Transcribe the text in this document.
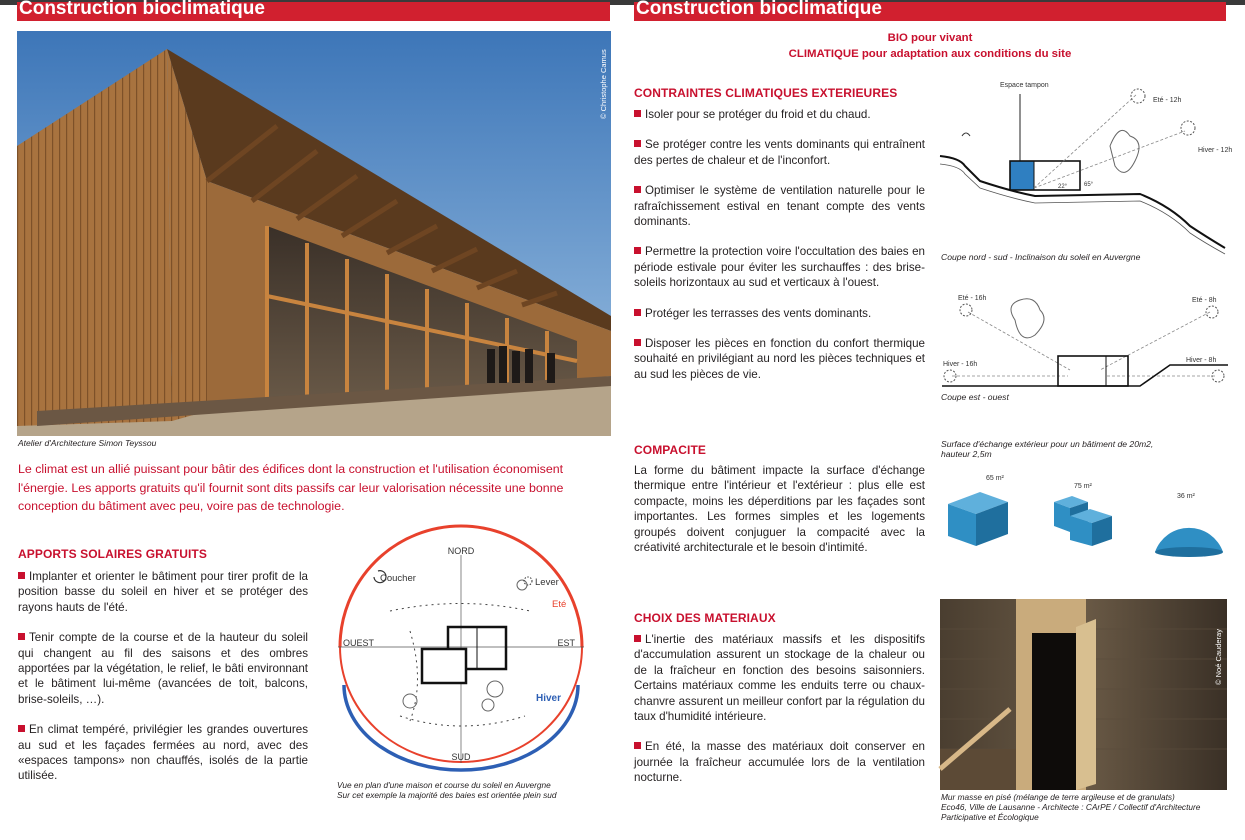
Construction bioclimatique
© Christophe Camus
Atelier d'Architecture Simon Teyssou
Le climat est un allié puissant pour bâtir des édifices dont la construction et l'utilisation économisent l'énergie. Les apports gratuits qu'il fournit sont dits passifs car leur valorisation nécessite une bonne conception du bâtiment avec peu, voire pas de technologie.
APPORTS SOLAIRES GRATUITS

Implanter et orienter le bâtiment pour tirer profit de la position basse du soleil en hiver et se protéger des rayons hauts de l'été.

Tenir compte de la course et de la hauteur du soleil qui changent au fil des saisons et des ombres apportées par la végétation, le relief, le bâti environnant et le bâtiment lui-même (avancées de toit, balcons, brise-soleils, …).

En climat tempéré, privilégier les grandes ouvertures au sud et les façades fermées au nord, avec des «espaces tampons» non chauffés, isolés de la partie utilisée.

NORD
SUD
EST
OUEST
Coucher	Lever
Eté
Hiver
Vue en plan d'une maison et course du soleil en Auvergne
Sur cet exemple la majorité des baies est orientée plein sud
Construction bioclimatique
BIO pour vivant
CLIMATIQUE pour adaptation aux conditions du site
CONTRAINTES CLIMATIQUES EXTERIEURES

Isoler pour se protéger du froid et du chaud.

Se protéger contre les vents dominants qui entraînent des pertes de chaleur et de l'inconfort.

Optimiser le système de ventilation naturelle pour le rafraîchissement estival en tenant compte des vents dominants.

Permettre la protection voire l'occultation des baies en période estivale pour éviter les surchauffes : des brise-soleils horizontaux au sud et verticaux à l'ouest.

Protéger les terrasses des vents dominants.

Disposer les pièces en fonction du confort thermique souhaité en privilégiant au nord les pièces techniques et au sud les pièces de vie.

Espace tampon
Eté - 12h
Hiver - 12h
22°	65°
Coupe nord - sud - Inclinaison du soleil en Auvergne
Eté - 16h	Eté - 8h
Hiver - 16h
Hiver - 8h
Coupe est - ouest
COMPACITE
La forme du bâtiment impacte la surface d'échange thermique entre l'intérieur et l'extérieur : plus elle est compacte, moins les déperditions par les façades sont importantes. Les formes simples et les logements groupés doivent conjuguer la compacité avec la créativité architecturale et le besoin d'intimité.
Surface d'échange extérieur pour un bâtiment de 20m2,
hauteur 2,5m
65 m²
75 m²
36 m²
CHOIX DES MATERIAUX

L'inertie des matériaux massifs et les dispositifs d'accumulation assurent un stockage de la chaleur ou de la fraîcheur en fonction des besoins saisonniers. Certains matériaux comme les enduits terre ou chaux-chanvre assurent un meilleur confort par la régulation du taux d'humidité intérieure.

En été, la masse des matériaux doit conserver en journée la fraîcheur accumulée lors de la ventilation nocturne.

© Noé Cauderay
Mur masse en pisé (mélange de terre argileuse et de granulats)
Eco46, Ville de Lausanne - Architecte : CArPE / Collectif d'Architecture
Participative et Écologique
